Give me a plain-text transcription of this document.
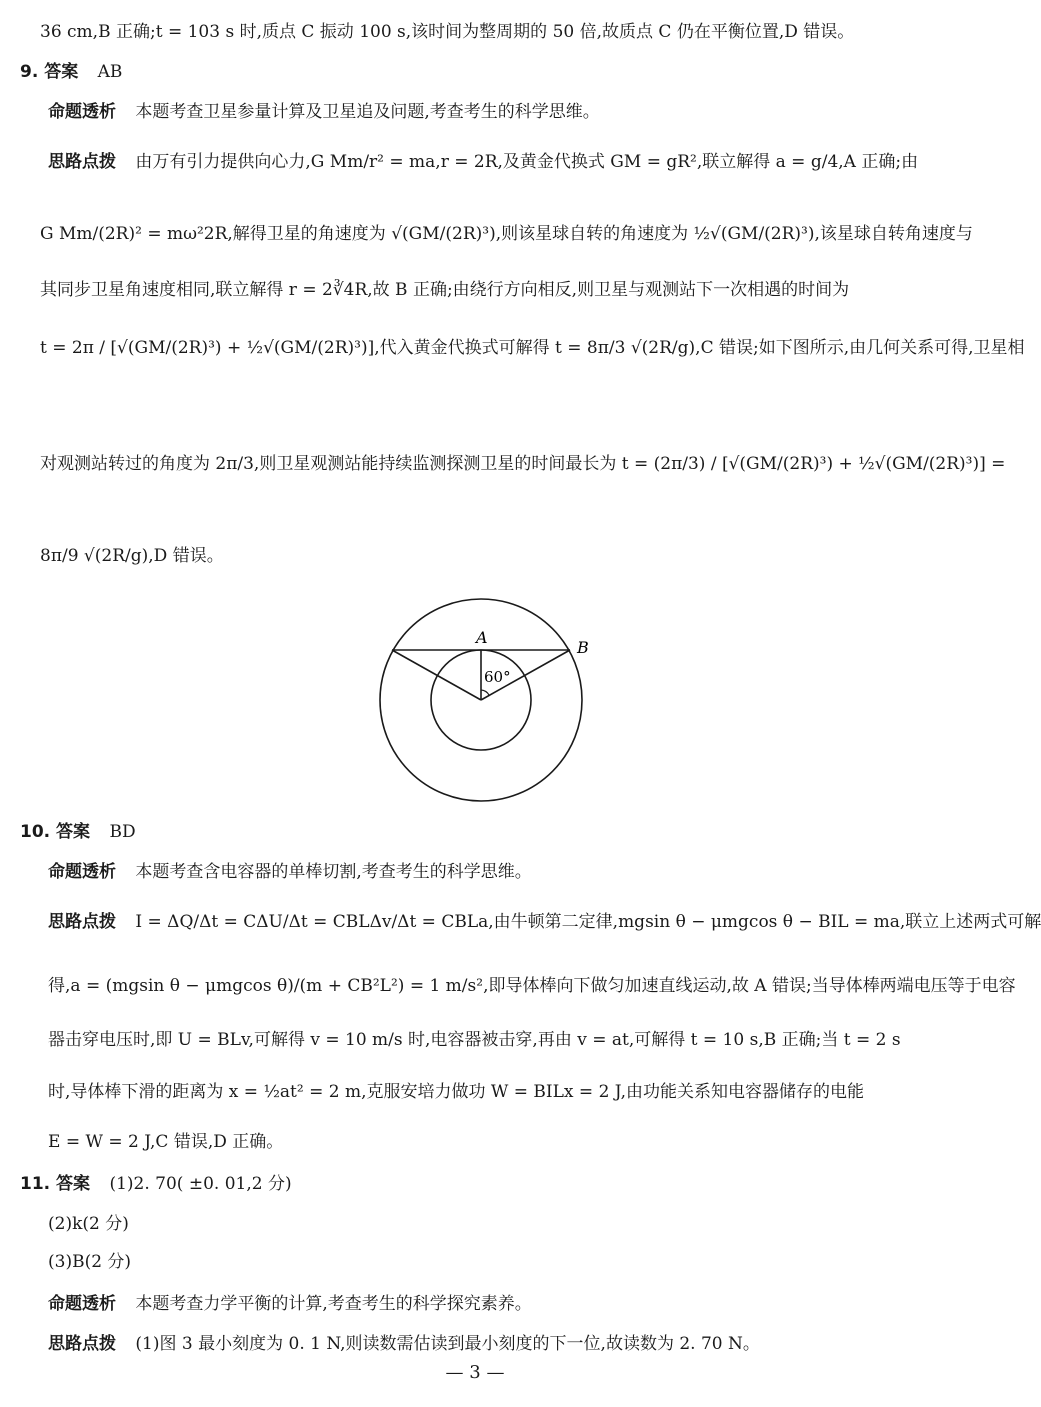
36 cm,B 正确;t = 103 s 时,质点 C 振动 100 s,该时间为整周期的 50 倍,故质点 C 仍在平衡位置,D 错误。
9. 答案 AB
命题透析 本题考查卫星参量计算及卫星追及问题,考查考生的科学思维。
思路点拨 由万有引力提供向心力,G Mm/r² = ma,r = 2R,及黄金代换式 GM = gR²,联立解得 a = g/4,A 正确;由
G Mm/(2R)² = mω²2R,解得卫星的角速度为 √(GM/(2R)³),则该星球自转的角速度为 ½√(GM/(2R)³),该星球自转角速度与
其同步卫星角速度相同,联立解得 r = 2∛4R,故 B 正确;由绕行方向相反,则卫星与观测站下一次相遇的时间为
t = 2π / [√(GM/(2R)³) + ½√(GM/(2R)³)],代入黄金代换式可解得 t = 8π/3 √(2R/g),C 错误;如下图所示,由几何关系可得,卫星相
对观测站转过的角度为 2π/3,则卫星观测站能持续监测探测卫星的时间最长为 t = (2π/3) / [√(GM/(2R)³) + ½√(GM/(2R)³)] =
8π/9 √(2R/g),D 错误。
A
B
60°
10. 答案 BD
命题透析 本题考查含电容器的单棒切割,考查考生的科学思维。
思路点拨 I = ΔQ/Δt = CΔU/Δt = CBLΔv/Δt = CBLa,由牛顿第二定律,mgsin θ − μmgcos θ − BIL = ma,联立上述两式可解
得,a = (mgsin θ − μmgcos θ)/(m + CB²L²) = 1 m/s²,即导体棒向下做匀加速直线运动,故 A 错误;当导体棒两端电压等于电容
器击穿电压时,即 U = BLv,可解得 v = 10 m/s 时,电容器被击穿,再由 v = at,可解得 t = 10 s,B 正确;当 t = 2 s
时,导体棒下滑的距离为 x = ½at² = 2 m,克服安培力做功 W = BILx = 2 J,由功能关系知电容器储存的电能
E = W = 2 J,C 错误,D 正确。
11. 答案 (1)2. 70( ±0. 01,2 分)
(2)k(2 分)
(3)B(2 分)
命题透析 本题考查力学平衡的计算,考查考生的科学探究素养。
思路点拨 (1)图 3 最小刻度为 0. 1 N,则读数需估读到最小刻度的下一位,故读数为 2. 70 N。
— 3 —
